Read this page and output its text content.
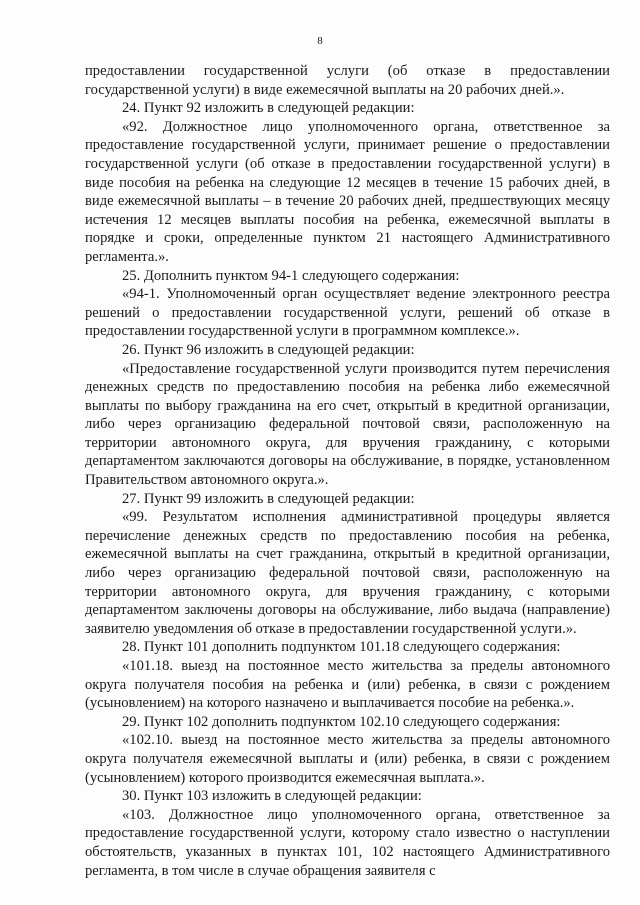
8

предоставлении государственной услуги (об отказе в предоставлении государственной услуги) в виде ежемесячной выплаты на 20 рабочих дней.».

24. Пункт 92 изложить в следующей редакции:

«92. Должностное лицо уполномоченного органа, ответственное за предоставление государственной услуги, принимает решение о предоставлении государственной услуги (об отказе в предоставлении государственной услуги) в виде пособия на ребенка на следующие 12 месяцев в течение 15 рабочих дней, в виде ежемесячной выплаты – в течение 20 рабочих дней, предшествующих месяцу истечения 12 месяцев выплаты пособия на ребенка, ежемесячной выплаты в порядке и сроки, определенные пунктом 21 настоящего Административного регламента.».

25. Дополнить пунктом 94-1 следующего содержания:

«94-1. Уполномоченный орган осуществляет ведение электронного реестра решений о предоставлении государственной услуги, решений об отказе в предоставлении государственной услуги в программном комплексе.».

26. Пункт 96 изложить в следующей редакции:

«Предоставление государственной услуги производится путем перечисления денежных средств по предоставлению пособия на ребенка либо ежемесячной выплаты по выбору гражданина на его счет, открытый в кредитной организации, либо через организацию федеральной почтовой связи, расположенную на территории автономного округа, для вручения гражданину, с которыми департаментом заключаются договоры на обслуживание, в порядке, установленном Правительством автономного округа.».

27. Пункт 99 изложить в следующей редакции:

«99. Результатом исполнения административной процедуры является перечисление денежных средств по предоставлению пособия на ребенка, ежемесячной выплаты на счет гражданина, открытый в кредитной организации, либо через организацию федеральной почтовой связи, расположенную на территории автономного округа, для вручения гражданину, с которыми департаментом заключены договоры на обслуживание, либо выдача (направление) заявителю уведомления об отказе в предоставлении государственной услуги.».

28. Пункт 101 дополнить подпунктом 101.18 следующего содержания:

«101.18. выезд на постоянное место жительства за пределы автономного округа получателя пособия на ребенка и (или) ребенка, в связи с рождением (усыновлением) на которого назначено и выплачивается пособие на ребенка.».

29. Пункт 102 дополнить подпунктом 102.10 следующего содержания:

«102.10. выезд на постоянное место жительства за пределы автономного округа получателя ежемесячной выплаты и (или) ребенка, в связи с рождением (усыновлением) которого производится ежемесячная выплата.».

30. Пункт 103 изложить в следующей редакции:

«103. Должностное лицо уполномоченного органа, ответственное за предоставление государственной услуги, которому стало известно о наступлении обстоятельств, указанных в пунктах 101, 102 настоящего Административного регламента, в том числе в случае обращения заявителя с
